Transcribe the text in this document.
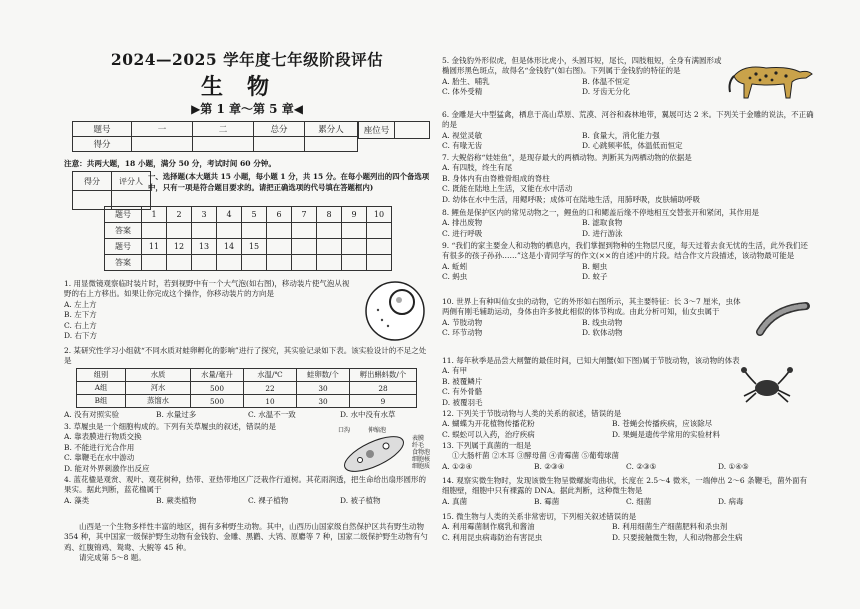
2024—2025 学年度七年级阶段评估
生物
▶第 1 章～第 5 章◀
题号	一	二	总分	累分人
得分				
座位号	
注意：共两大题，18 小题，满分 50 分，考试时间 60 分钟。
得分	评分人
	一、选择题(本大题共 15 小题，每小题 1 分，共 15 分。在每小题列出的四个备选项中，只有一项是符合题目要求的。请把正确选项的代号填在答题框内)
题号	1	2	3	4	5	6	7	8	9	10
答案										
题号	11	12	13	14	15					
答案										
1. 用显微镜观察临时装片时，若到视野中有一个大气泡(如右图)，移动装片使气泡从视野的右上方移出。如果让你完成这个操作，你移动装片的方向是
A. 左上方
B. 左下方
C. 右上方
D. 右下方
2. 某研究性学习小组就“不同水质对蛙卵孵化的影响”进行了探究，其实验记录如下表。该实验设计的不足之处是
组别	水质	水量/毫升	水温/℃	蛙卵数/个	孵出蝌蚪数/个
A组	河水	500	22	30	28
B组	蒸馏水	500	10	30	9
A. 没有对照实验	B. 水量过多	C. 水温不一致	D. 水中没有水草
3. 草履虫是一个细胞构成的。下列有关草履虫的叙述，错误的是
A. 靠表膜进行物质交换
B. 不能进行光合作用
C. 靠鞭毛在水中游动
D. 能对外界刺激作出反应
口沟	伸缩泡
表膜
纤毛
食物泡
细胞核
细胞质
4. 蓝花楹是观赏、观叶、观花树种，热带、亚热带地区广泛栽作行道树。其花雨润透，把生命给出扇形圆形的果实。据此判断，蓝花楹属于
A. 藻类	B. 蕨类植物	C. 裸子植物	D. 被子植物
山西是一个生物多样性丰富的地区，拥有多种野生动物。其中，山西历山国家级自然保护区共有野生动物 354 种，其中国家一级保护野生动物有金钱豹、金雕、黑鹳、大鸨、原麝等 7 种，国家二级保护野生动物有勺鸡、红腹锦鸡、鸳鸯、大鲵等 45 种。
请完成第 5～8 题。
5. 金钱豹外形似虎，但是体形比虎小，头圆耳短，尾长，四肢粗短，全身有满圆形或椭圆形黑色斑点，故得名“金钱豹”(如右图)。下列属于金钱豹的特征的是
A. 胎生、哺乳	B. 体温不恒定
C. 体外受精	D. 牙齿无分化
6. 金雕是大中型猛禽，栖息于高山草原、荒漠、河谷和森林地带，翼展可达 2 米。下列关于金雕的说法，不正确的是
A. 视觉灵敏	B. 食量大，消化能力强
C. 有喙无齿	D. 心跳频率低，体温低而恒定
7. 大鲵俗称“娃娃鱼”，是现存最大的两栖动物。判断其为两栖动物的依据是
A. 有四肢，终生有尾
B. 身体内有由脊椎骨组成的脊柱
C. 既能在陆地上生活，又能在水中活动
D. 幼体在水中生活，用鳃呼吸；成体可在陆地生活，用肺呼吸，皮肤辅助呼吸
8. 鲤鱼是保护区内的常见动物之一，鲤鱼的口和鳃盖后缘不停地相互交替张开和紧闭，其作用是
A. 排出废物	B. 滤取食物
C. 进行呼吸	D. 进行游泳
9. “我们的家主要金人和动物的栖息内，我们掌握到物种的生物层尺度，每天过着去食无忧的生活，此外我们还有很多的孩子孙孙……”这是小青同学写的作文(××的自述)中的片段。结合作文片段描述，该动物最可能是
A. 蚯蚓	B. 蛔虫
C. 蚂虫	D. 蚊子
10. 世界上有种叫仙女虫的动物，它的外形如右图所示，其主要特征：长 3～7 厘米，虫体两侧有刚毛辅助运动，身体由许多彼此相似的体节构成。由此分析可知，仙女虫属于
A. 节肢动物	B. 线虫动物
C. 环节动物	D. 软体动物
11. 每年秋季是品尝大闸蟹的最佳时间，已知大闸蟹(如下图)属于节肢动物，该动物的体表
A. 有甲
B. 被覆鳞片
C. 有外骨骼
D. 被覆羽毛
12. 下列关于节肢动物与人类的关系的叙述，错误的是
A. 蝴蝶为开花植物传播花粉	B. 苍蝇会传播疾病，应该除尽
C. 蜈蚣可以入药，治疗疾病	D. 果蝇是遗传学常用的实验材料
13. 下列属于真菌的一组是
①大肠杆菌 ②木耳 ③酵母菌 ④青霉菌 ⑤葡萄球菌
A. ①②④	B. ②③④	C. ②③⑤	D. ①④⑤
14. 观察实微生物时，发现该微生物呈微螺旋弯曲状，长度在 2.5～4 微米，一端伸出 2～6 条鞭毛，菌外面有细胞壁，细胞中只有裸露的 DNA。据此判断，这种微生物是
A. 真菌	B. 霉菌	C. 细菌	D. 病毒
15. 微生物与人类的关系非常密切，下列相关叙述错误的是
A. 利用霉菌制作腐乳和酱油	B. 利用细菌生产细菌肥料和杀虫剂
C. 利用昆虫病毒防治有害昆虫	D. 只要接触微生物，人和动物都会生病
